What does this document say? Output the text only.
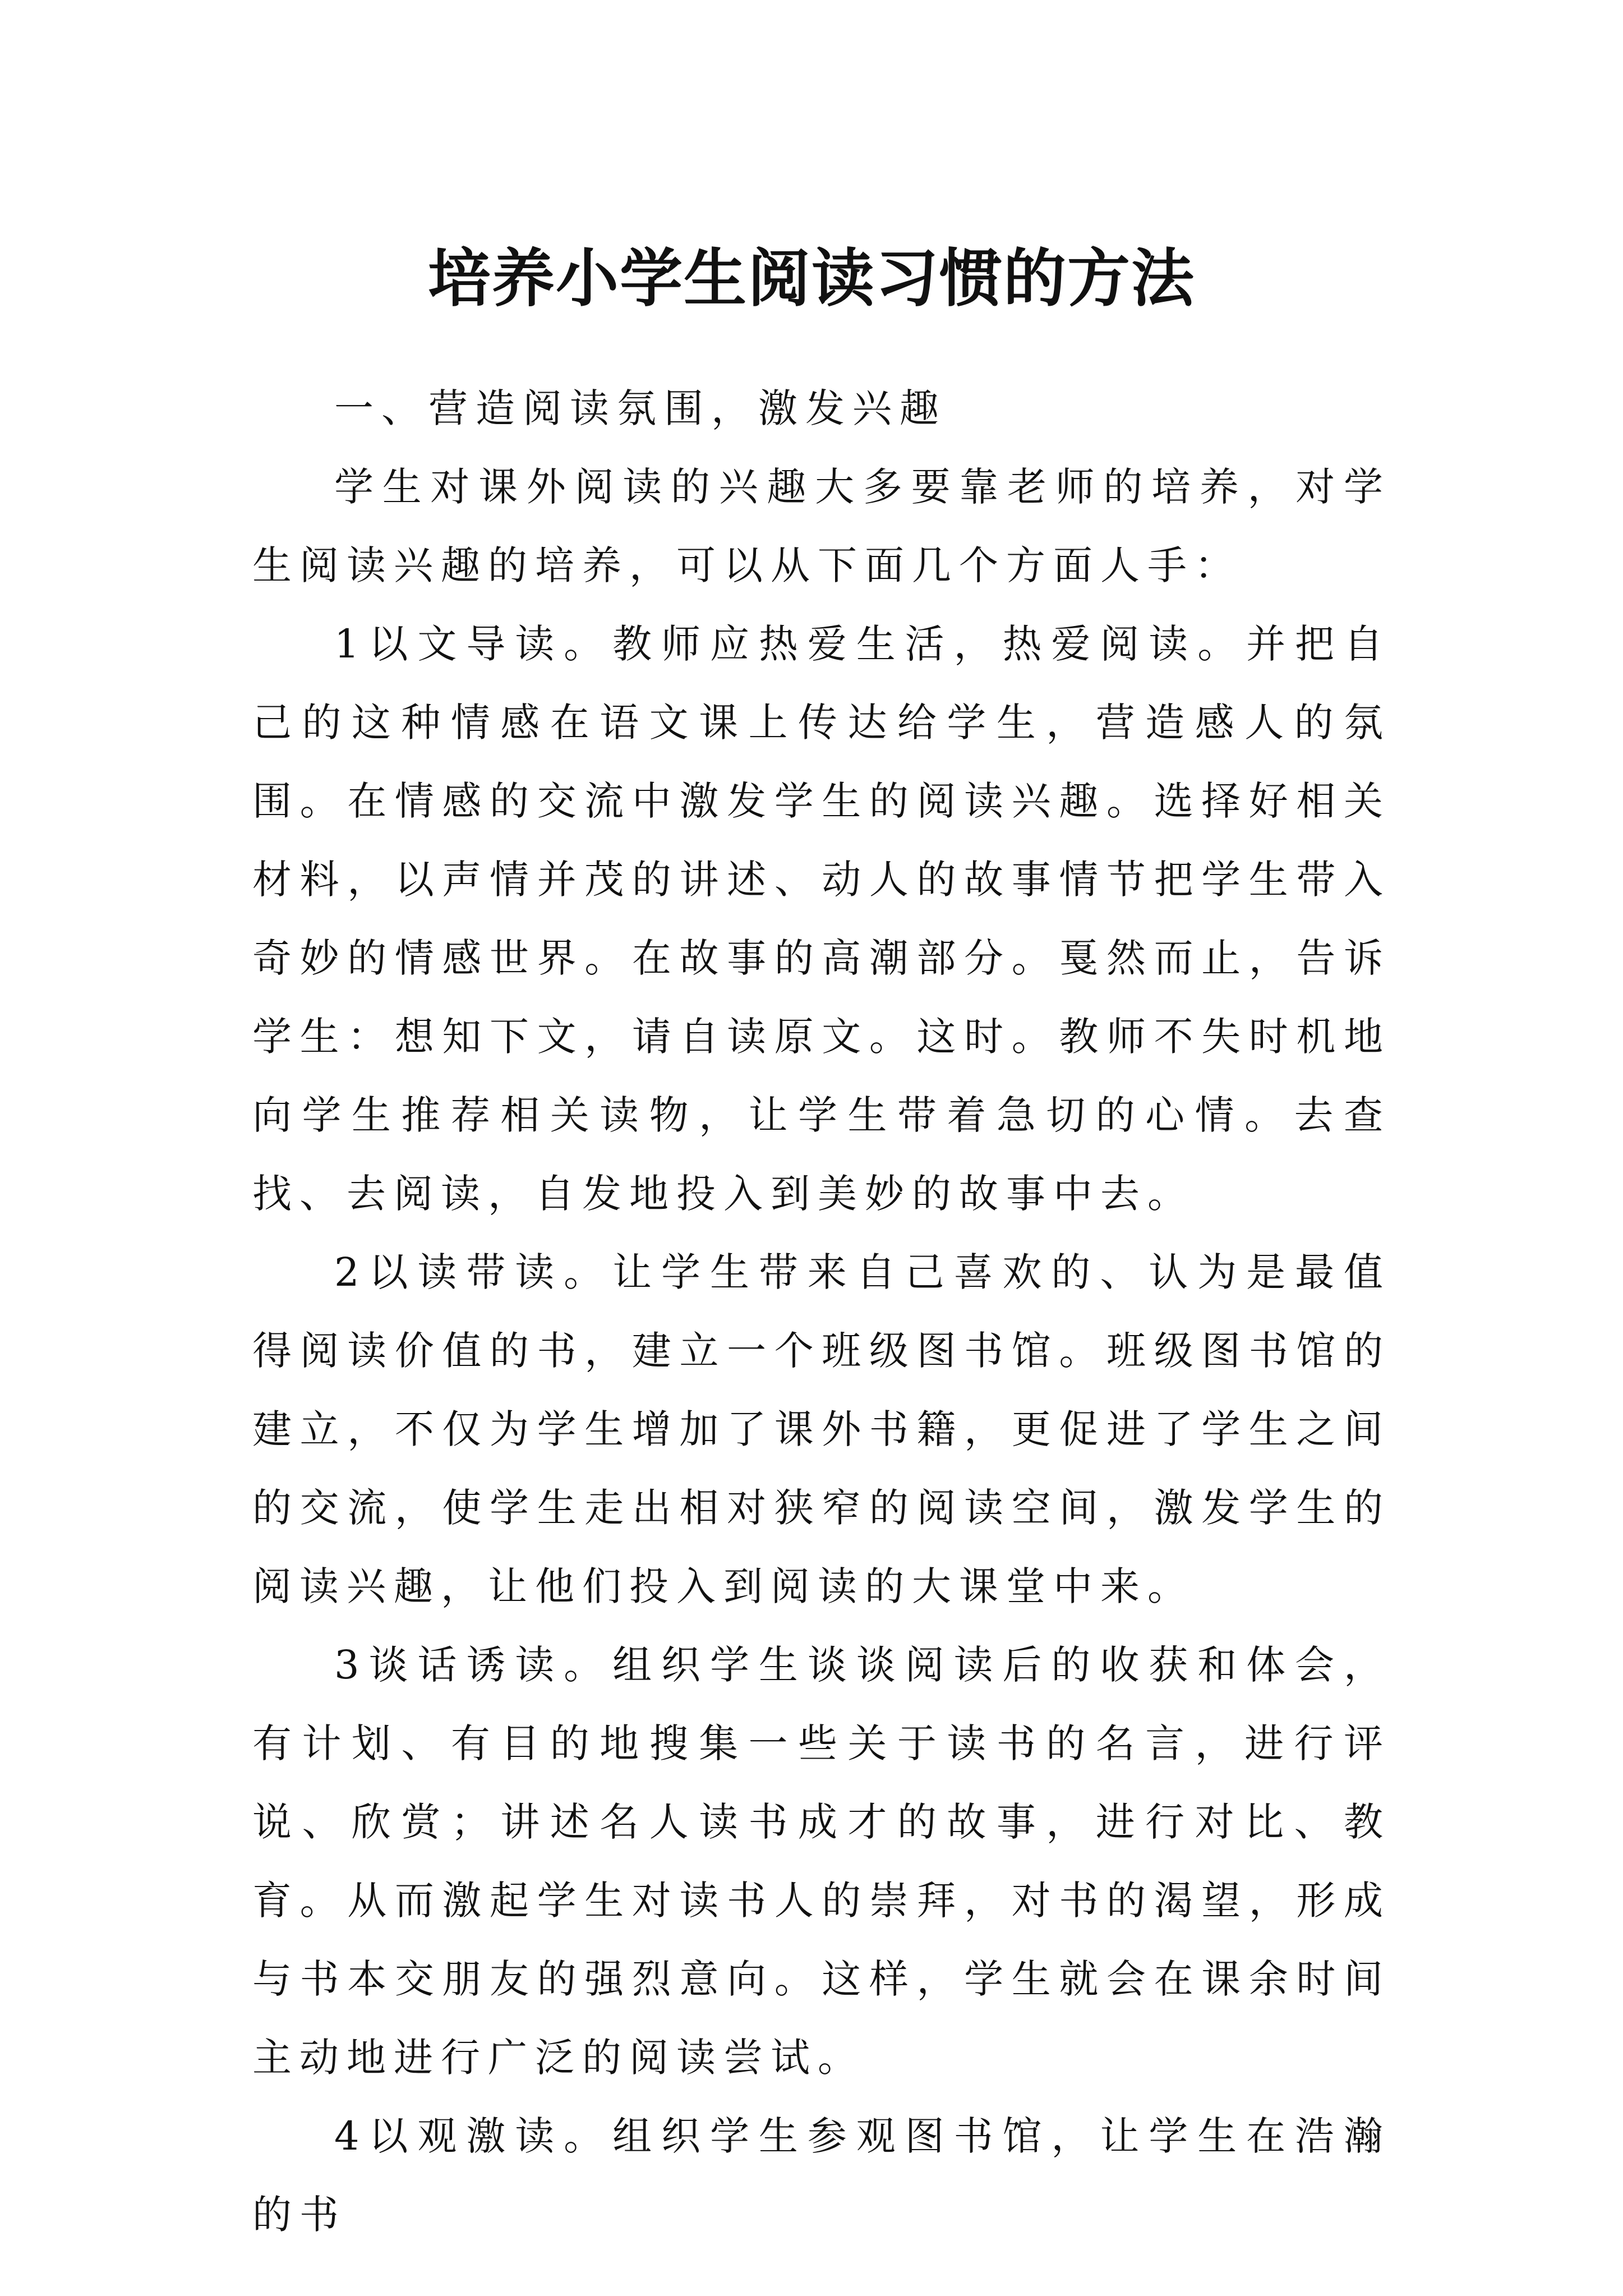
培养小学生阅读习惯的方法

一、营造阅读氛围，激发兴趣

学生对课外阅读的兴趣大多要靠老师的培养，对学生阅读兴趣的培养，可以从下面几个方面人手：

1以文导读。教师应热爱生活，热爱阅读。并把自己的这种情感在语文课上传达给学生，营造感人的氛围。在情感的交流中激发学生的阅读兴趣。选择好相关材料，以声情并茂的讲述、动人的故事情节把学生带入奇妙的情感世界。在故事的高潮部分。戛然而止，告诉学生：想知下文，请自读原文。这时。教师不失时机地向学生推荐相关读物，让学生带着急切的心情。去查找、去阅读，自发地投入到美妙的故事中去。

2以读带读。让学生带来自己喜欢的、认为是最值得阅读价值的书，建立一个班级图书馆。班级图书馆的建立，不仅为学生增加了课外书籍，更促进了学生之间的交流，使学生走出相对狭窄的阅读空间，激发学生的阅读兴趣，让他们投入到阅读的大课堂中来。

3谈话诱读。组织学生谈谈阅读后的收获和体会，有计划、有目的地搜集一些关于读书的名言，进行评说、欣赏；讲述名人读书成才的故事，进行对比、教育。从而激起学生对读书人的崇拜，对书的渴望，形成与书本交朋友的强烈意向。这样，学生就会在课余时间主动地进行广泛的阅读尝试。

4以观激读。组织学生参观图书馆，让学生在浩瀚的书
